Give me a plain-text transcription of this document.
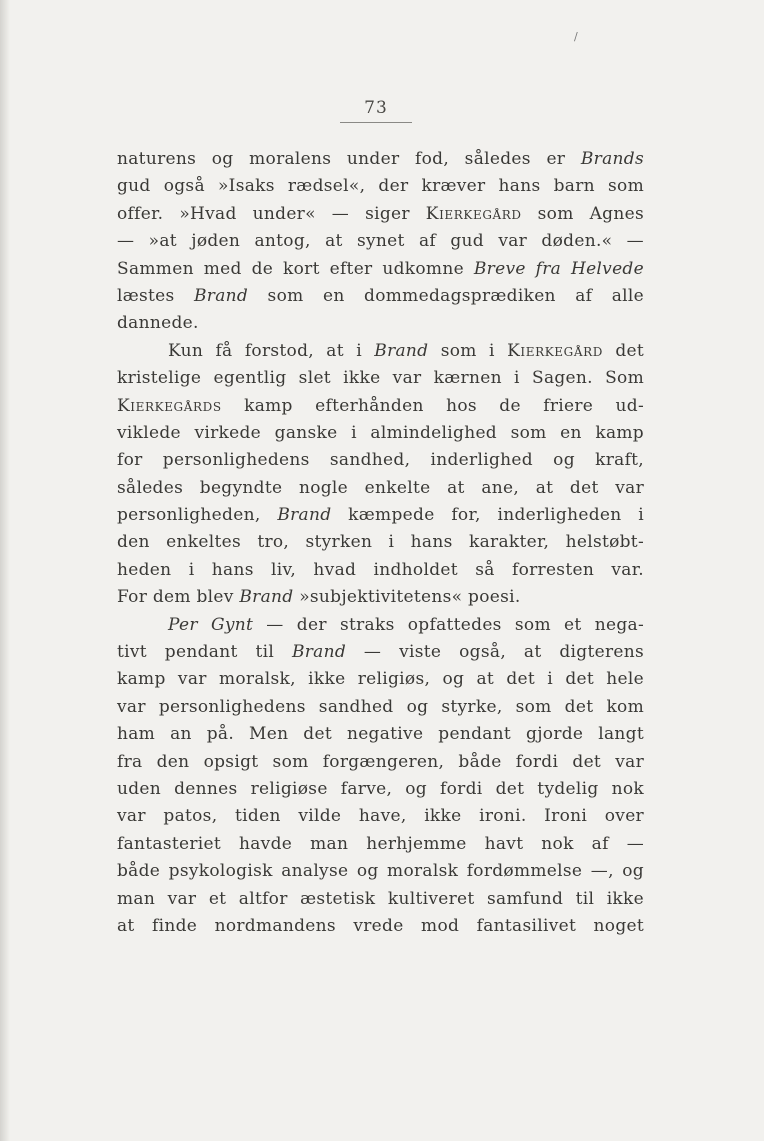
/
73
naturens og moralens under fod, således er Brands
gud også »Isaks rædsel«, der kræver hans barn som
offer. »Hvad under« — siger Kierkegård som Agnes
— »at jøden antog, at synet af gud var døden.« —
Sammen med de kort efter udkomne Breve fra Helvede
læstes Brand som en dommedagsprædiken af alle
dannede.
Kun få forstod, at i Brand som i Kierkegård det
kristelige egentlig slet ikke var kærnen i Sagen. Som
Kierkegårds kamp efterhånden hos de friere ud-
viklede virkede ganske i almindelighed som en kamp
for personlighedens sandhed, inderlighed og kraft,
således begyndte nogle enkelte at ane, at det var
personligheden, Brand kæmpede for, inderligheden i
den enkeltes tro, styrken i hans karakter, helstøbt-
heden i hans liv, hvad indholdet så forresten var.
For dem blev Brand »subjektivitetens« poesi.
Per Gynt — der straks opfattedes som et nega-
tivt pendant til Brand — viste også, at digterens
kamp var moralsk, ikke religiøs, og at det i det hele
var personlighedens sandhed og styrke, som det kom
ham an på. Men det negative pendant gjorde langt
fra den opsigt som forgængeren, både fordi det var
uden dennes religiøse farve, og fordi det tydelig nok
var patos, tiden vilde have, ikke ironi. Ironi over
fantasteriet havde man herhjemme havt nok af —
både psykologisk analyse og moralsk fordømmelse —, og
man var et altfor æstetisk kultiveret samfund til ikke
at finde nordmandens vrede mod fantasilivet noget
